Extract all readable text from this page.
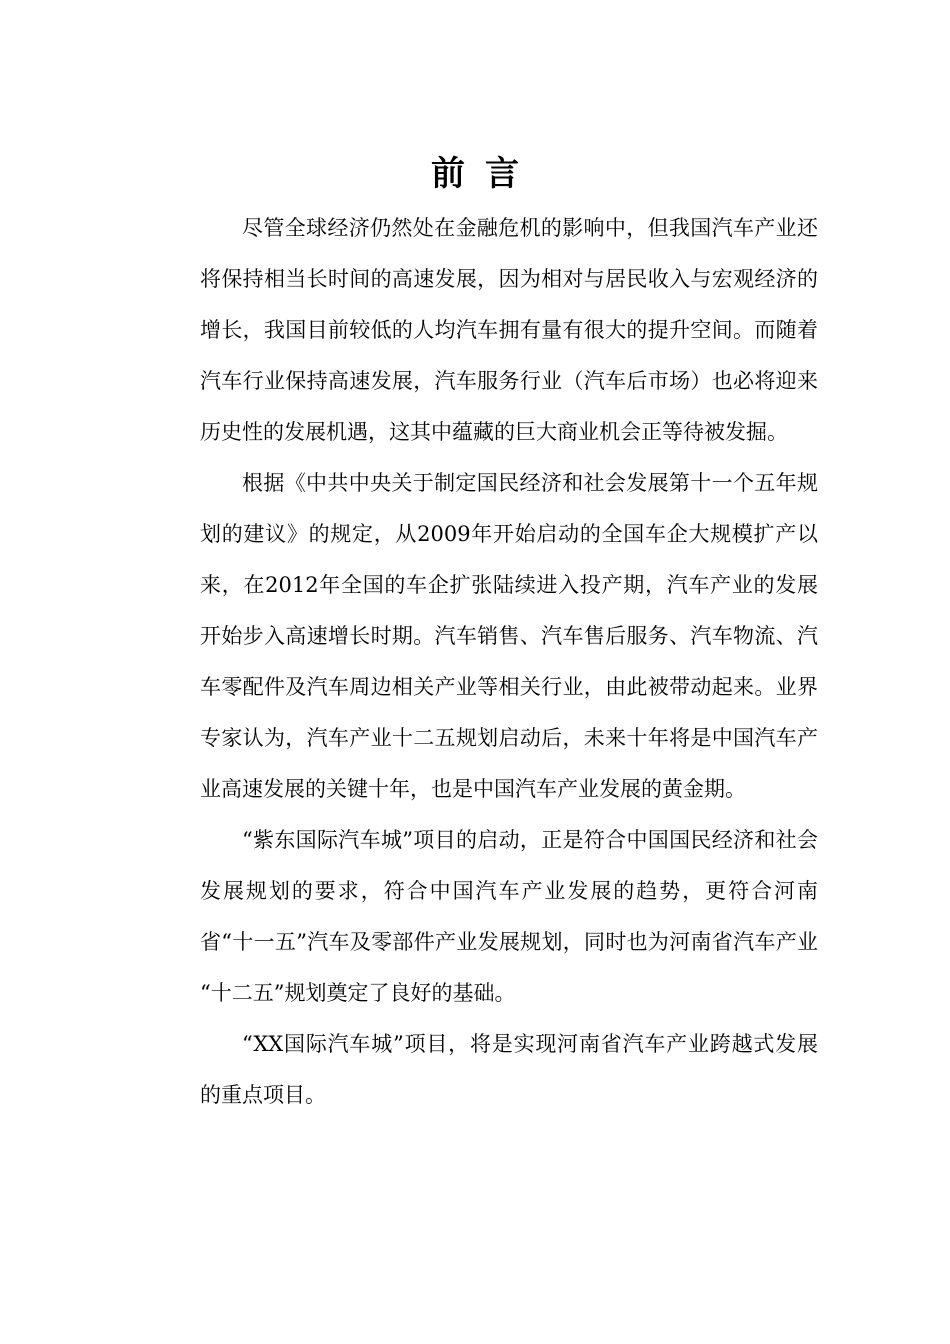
前言

尽管全球经济仍然处在金融危机的影响中，但我国汽车产业还将保持相当长时间的高速发展，因为相对与居民收入与宏观经济的增长，我国目前较低的人均汽车拥有量有很大的提升空间。而随着汽车行业保持高速发展，汽车服务行业（汽车后市场）也必将迎来历史性的发展机遇，这其中蕴藏的巨大商业机会正等待被发掘。

根据《中共中央关于制定国民经济和社会发展第十一个五年规划的建议》的规定，从2009年开始启动的全国车企大规模扩产以来，在2012年全国的车企扩张陆续进入投产期，汽车产业的发展开始步入高速增长时期。汽车销售、汽车售后服务、汽车物流、汽车零配件及汽车周边相关产业等相关行业，由此被带动起来。业界专家认为，汽车产业十二五规划启动后，未来十年将是中国汽车产业高速发展的关键十年，也是中国汽车产业发展的黄金期。

“紫东国际汽车城”项目的启动，正是符合中国国民经济和社会发展规划的要求，符合中国汽车产业发展的趋势，更符合河南省“十一五”汽车及零部件产业发展规划，同时也为河南省汽车产业 “十二五”规划奠定了良好的基础。

“XX国际汽车城”项目，将是实现河南省汽车产业跨越式发展的重点项目。
